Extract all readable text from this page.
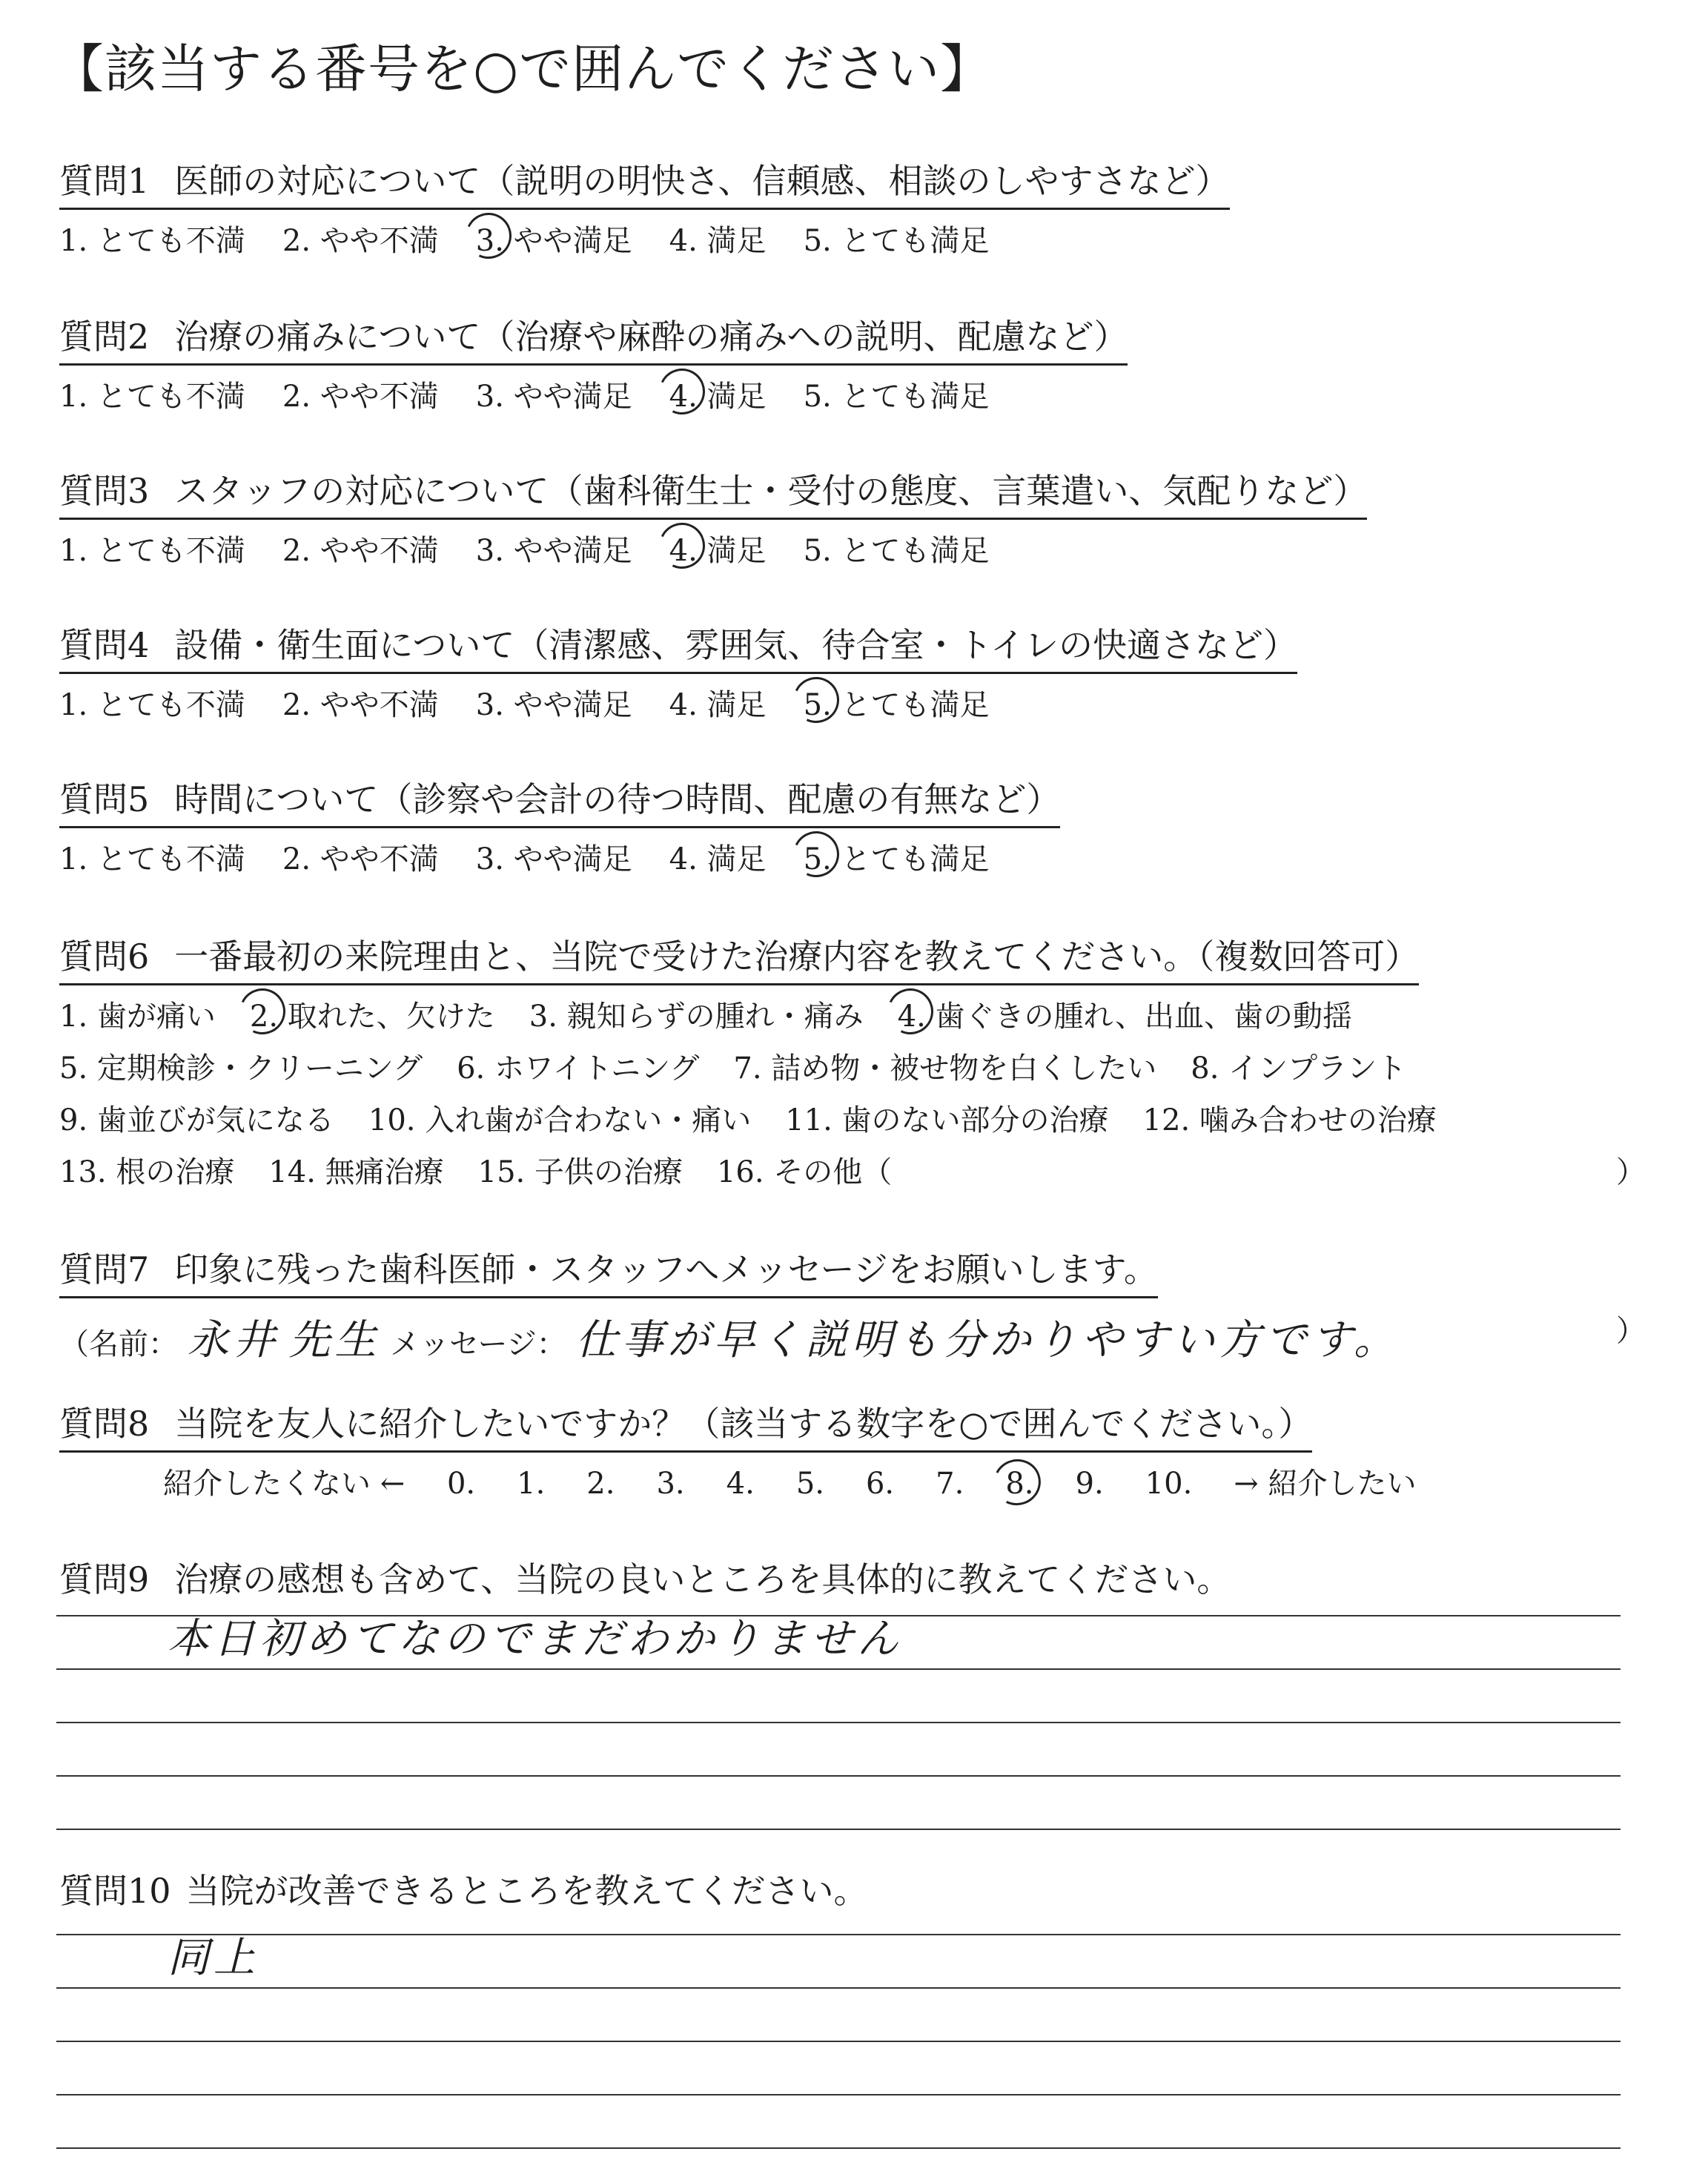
【該当する番号を○で囲んでください】
質問1 医師の対応について（説明の明快さ、信頼感、相談のしやすさなど）
1. とても不満 2. やや不満 3. やや満足 4. 満足 5. とても満足
質問2 治療の痛みについて（治療や麻酔の痛みへの説明、配慮など）
1. とても不満 2. やや不満 3. やや満足 4. 満足 5. とても満足
質問3 スタッフの対応について（歯科衛生士・受付の態度、言葉遣い、気配りなど）
1. とても不満 2. やや不満 3. やや満足 4. 満足 5. とても満足
質問4 設備・衛生面について（清潔感、雰囲気、待合室・トイレの快適さなど）
1. とても不満 2. やや不満 3. やや満足 4. 満足 5. とても満足
質問5 時間について（診察や会計の待つ時間、配慮の有無など）
1. とても不満 2. やや不満 3. やや満足 4. 満足 5. とても満足
質問6 一番最初の来院理由と、当院で受けた治療内容を教えてください。（複数回答可）
1. 歯が痛い 2. 取れた、欠けた 3. 親知らずの腫れ・痛み 4. 歯ぐきの腫れ、出血、歯の動揺
5. 定期検診・クリーニング 6. ホワイトニング 7. 詰め物・被せ物を白くしたい 8. インプラント
9. 歯並びが気になる 10. 入れ歯が合わない・痛い 11. 歯のない部分の治療 12. 噛み合わせの治療
13. 根の治療 14. 無痛治療 15. 子供の治療 16. その他（	）
質問7 印象に残った歯科医師・スタッフへメッセージをお願いします。
（名前： 永井 先生 メッセージ： 仕事が早く説明も分かりやすい方です。	）
質問8 当院を友人に紹介したいですか？（該当する数字を○で囲んでください。）
紹介したくない ← 0. 1. 2. 3. 4. 5. 6. 7. 8. 9. 10. → 紹介したい
質問9 治療の感想も含めて、当院の良いところを具体的に教えてください。
本日初めてなのでまだわかりません
質問10 当院が改善できるところを教えてください。
同上
